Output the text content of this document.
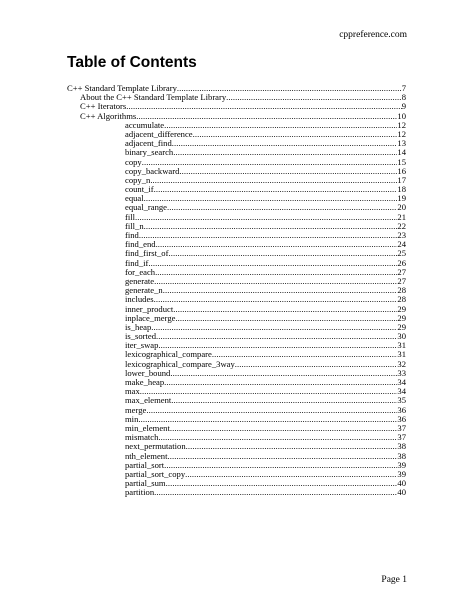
cppreference.com
Table of Contents
C++ Standard Template Library .....	7
About the C++ Standard Template Library .....	8
C++ Iterators .....	9
C++ Algorithms .....	10
accumulate .....	12
adjacent_difference .....	12
adjacent_find .....	13
binary_search .....	14
copy .....	15
copy_backward .....	16
copy_n .....	17
count_if .....	18
equal .....	19
equal_range .....	20
fill .....	21
fill_n .....	22
find .....	23
find_end .....	24
find_first_of .....	25
find_if .....	26
for_each .....	27
generate .....	27
generate_n .....	28
includes .....	28
inner_product .....	29
inplace_merge .....	29
is_heap .....	29
is_sorted .....	30
iter_swap .....	31
lexicographical_compare .....	31
lexicographical_compare_3way .....	32
lower_bound .....	33
make_heap .....	34
max .....	34
max_element .....	35
merge .....	36
min .....	36
min_element .....	37
mismatch .....	37
next_permutation .....	38
nth_element .....	38
partial_sort .....	39
partial_sort_copy .....	39
partial_sum .....	40
partition .....	40
Page 1
